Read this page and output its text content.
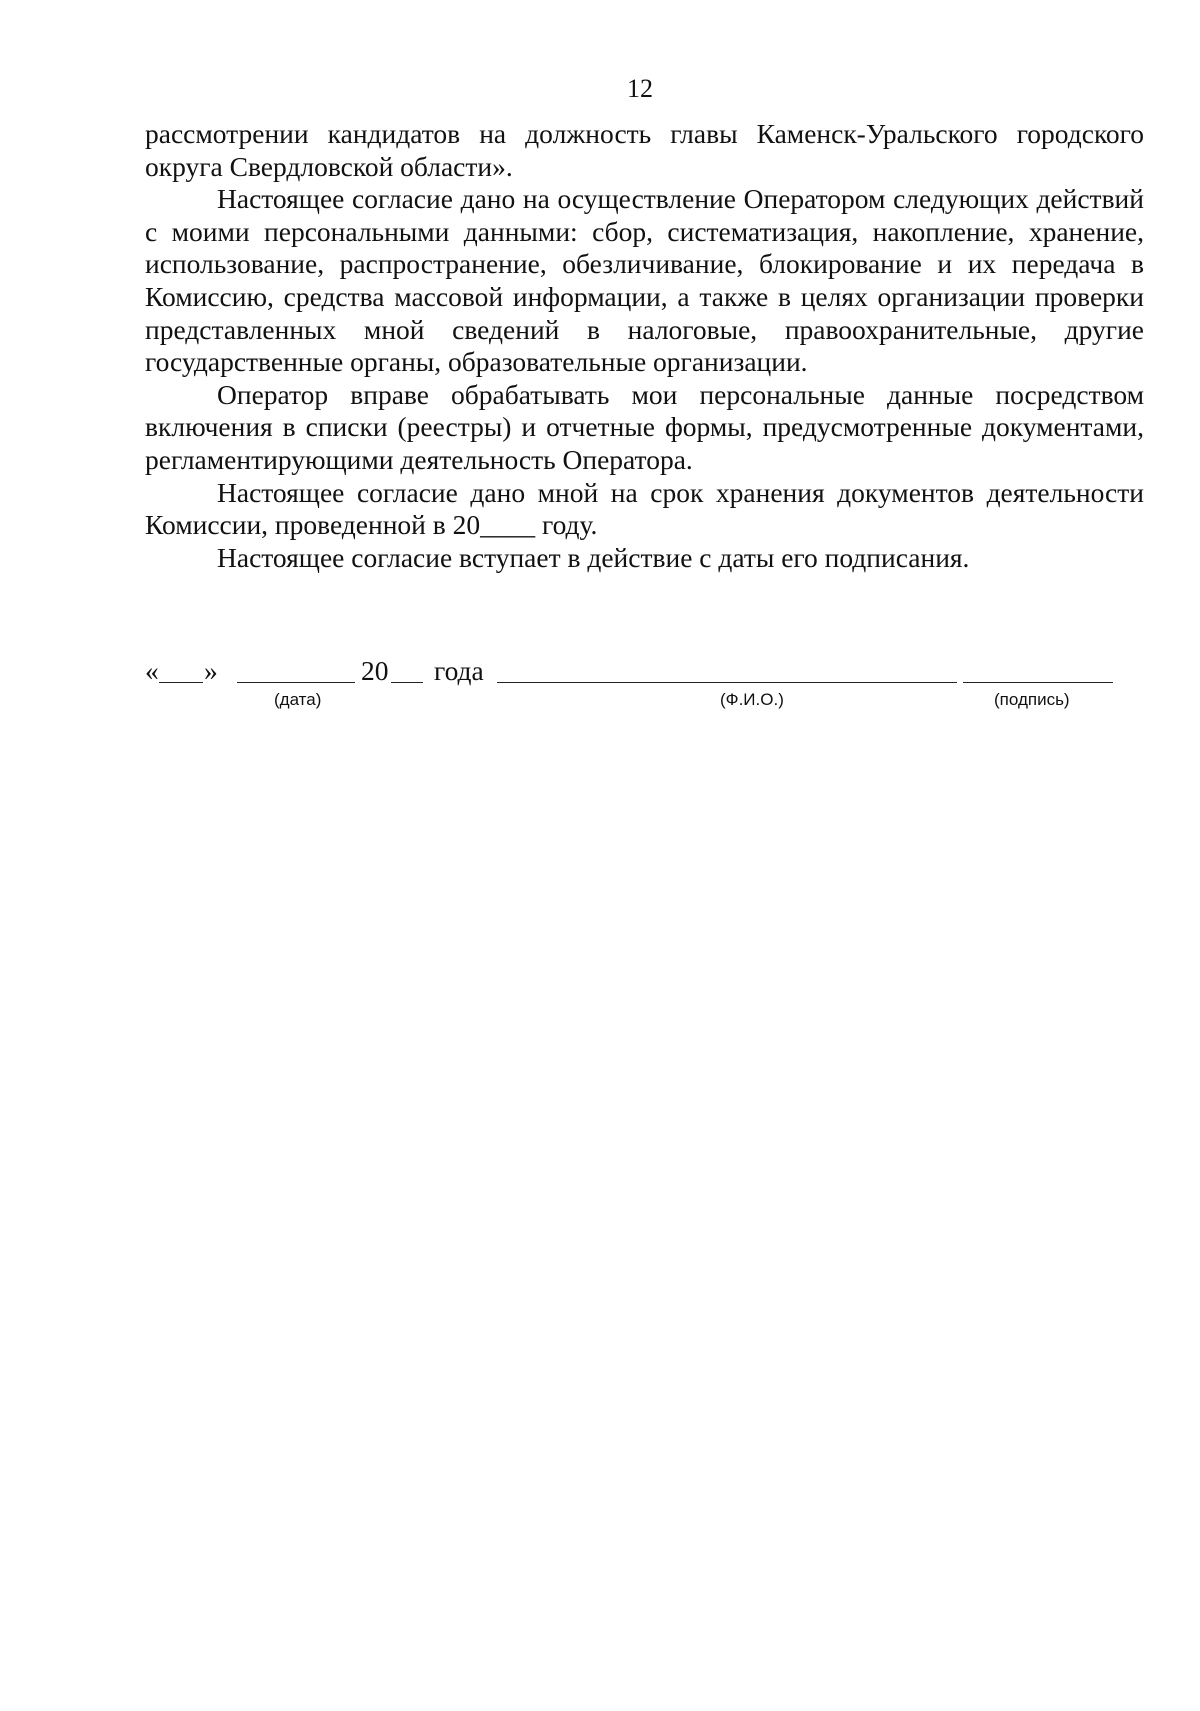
12

рассмотрении кандидатов на должность главы Каменск-Уральского городского округа Свердловской области».

Настоящее согласие дано на осуществление Оператором следующих действий с моими персональными данными: сбор, систематизация, накопление, хранение, использование, распространение, обезличивание, блокирование и их передача в Комиссию, средства массовой информации, а также в целях организации проверки представленных мной сведений в налоговые, правоохранительные, другие государственные органы, образовательные организации.

Оператор вправе обрабатывать мои персональные данные посредством включения в списки (реестры) и отчетные формы, предусмотренные документами, регламентирующими деятельность Оператора.

Настоящее согласие дано мной на срок хранения документов деятельности Комиссии, проведенной в 20____ году.

Настоящее согласие вступает в действие с даты его подписания.

« »	20 года
(дата)	(Ф.И.О.)	(подпись)
